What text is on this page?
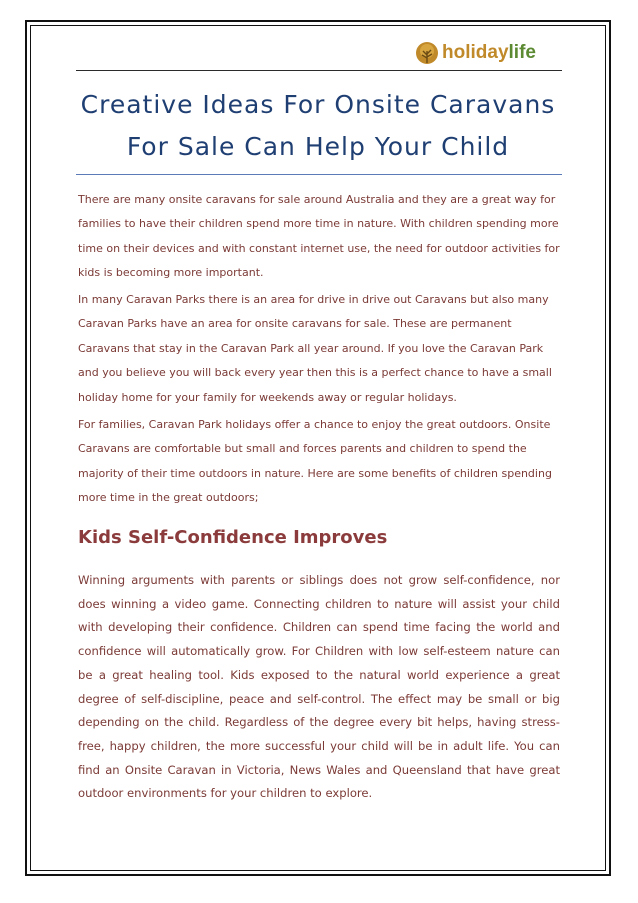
holiday life
Creative Ideas For Onsite Caravans For Sale Can Help Your Child

There are many onsite caravans for sale around Australia and they are a great way for families to have their children spend more time in nature. With children spending more time on their devices and with constant internet use, the need for outdoor activities for kids is becoming more important.

In many Caravan Parks there is an area for drive in drive out Caravans but also many Caravan Parks have an area for onsite caravans for sale. These are permanent Caravans that stay in the Caravan Park all year around. If you love the Caravan Park and you believe you will back every year then this is a perfect chance to have a small holiday home for your family for weekends away or regular holidays.

For families, Caravan Park holidays offer a chance to enjoy the great outdoors. Onsite Caravans are comfortable but small and forces parents and children to spend the majority of their time outdoors in nature. Here are some benefits of children spending more time in the great outdoors;

Kids Self-Confidence Improves

Winning arguments with parents or siblings does not grow self-confidence, nor does winning a video game. Connecting children to nature will assist your child with developing their confidence. Children can spend time facing the world and confidence will automatically grow. For Children with low self-esteem nature can be a great healing tool. Kids exposed to the natural world experience a great degree of self-discipline, peace and self-control. The effect may be small or big depending on the child. Regardless of the degree every bit helps, having stress-free, happy children, the more successful your child will be in adult life. You can find an Onsite Caravan in Victoria, News Wales and Queensland that have great outdoor environments for your children to explore.
